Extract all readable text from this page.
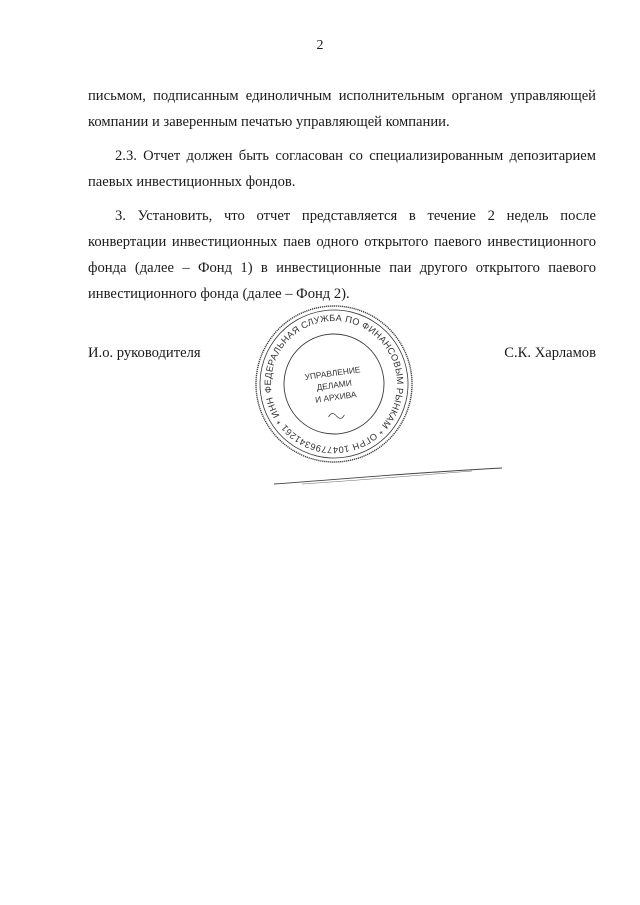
2

письмом, подписанным единоличным исполнительным органом управляющей компании и заверенным печатью управляющей компании.

2.3. Отчет должен быть согласован со специализированным депозитарием паевых инвестиционных фондов.

3. Установить, что отчет представляется в течение 2 недель после конвертации инвестиционных паев одного открытого паевого инвестиционного фонда (далее – Фонд 1) в инвестиционные паи другого открытого паевого инвестиционного фонда (далее – Фонд 2).

И.о. руководителя	С.К. Харламов
ФЕДЕРАЛЬНАЯ СЛУЖБА ПО ФИНАНСОВЫМ РЫНКАМ * ОГРН 1047796341261 * ИНН
УПРАВЛЕНИЕ
ДЕЛАМИ
И АРХИВА
